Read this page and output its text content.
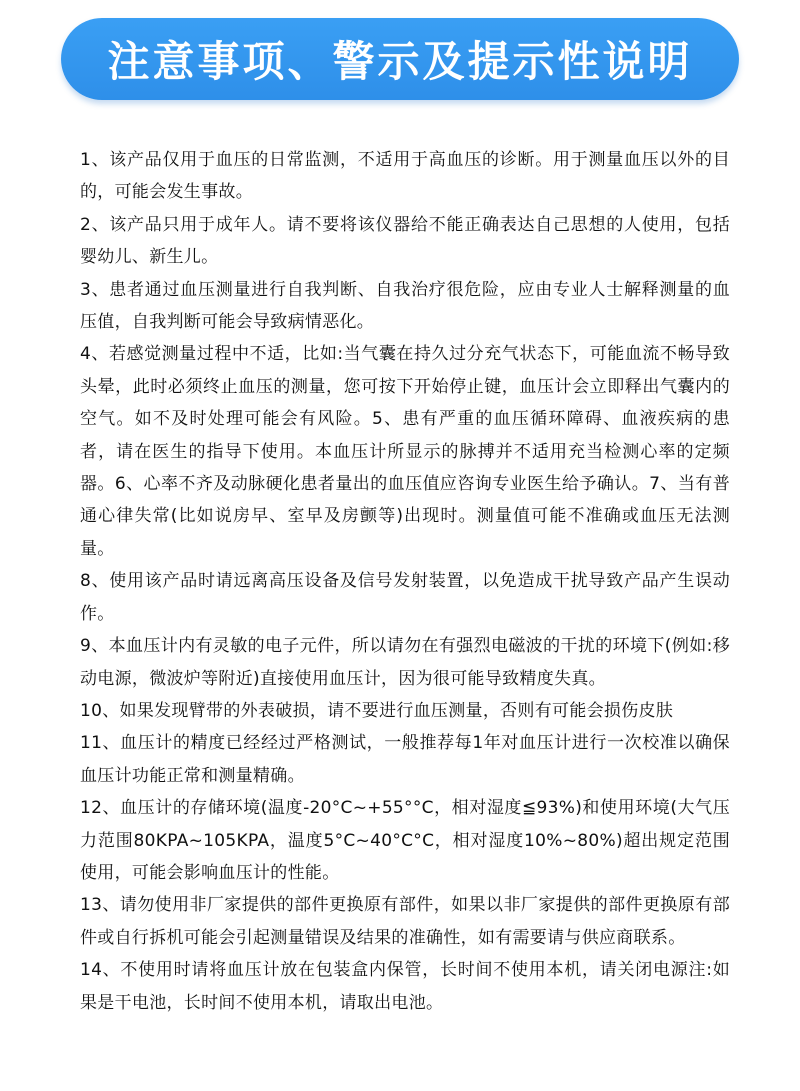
注意事项、警示及提示性说明

1、该产品仅用于血压的日常监测，不适用于高血压的诊断。用于测量血压以外的目的，可能会发生事故。

2、该产品只用于成年人。请不要将该仪器给不能正确表达自己思想的人使用，包括婴幼儿、新生儿。

3、患者通过血压测量进行自我判断、自我治疗很危险，应由专业人士解释测量的血压值，自我判断可能会导致病情恶化。

4、若感觉测量过程中不适，比如:当气囊在持久过分充气状态下，可能血流不畅导致头晕，此时必须终止血压的测量，您可按下开始停止键，血压计会立即释出气囊内的空气。如不及时处理可能会有风险。5、患有严重的血压循环障碍、血液疾病的患者，请在医生的指导下使用。本血压计所显示的脉搏并不适用充当检测心率的定频器。6、心率不齐及动脉硬化患者量出的血压值应咨询专业医生给予确认。7、当有普通心律失常(比如说房早、室早及房颤等)出现时。测量值可能不准确或血压无法测量。

8、使用该产品时请远离高压设备及信号发射装置，以免造成干扰导致产品产生误动作。

9、本血压计内有灵敏的电子元件，所以请勿在有强烈电磁波的干扰的环境下(例如:移动电源，微波炉等附近)直接使用血压计，因为很可能导致精度失真。

10、如果发现臂带的外表破损，请不要进行血压测量，否则有可能会损伤皮肤

11、血压计的精度已经经过严格测试，一般推荐每1年对血压计进行一次校准以确保血压计功能正常和测量精确。

12、血压计的存储环境(温度-20°C~+55°°C，相对湿度≦93%)和使用环境(大气压力范围80KPA~105KPA，温度5°C~40°C°C，相对湿度10%~80%)超出规定范围使用，可能会影响血压计的性能。

13、请勿使用非厂家提供的部件更换原有部件，如果以非厂家提供的部件更换原有部件或自行拆机可能会引起测量错误及结果的准确性，如有需要请与供应商联系。

14、不使用时请将血压计放在包装盒内保管，长时间不使用本机，请关闭电源注:如果是干电池，长时间不使用本机，请取出电池。
